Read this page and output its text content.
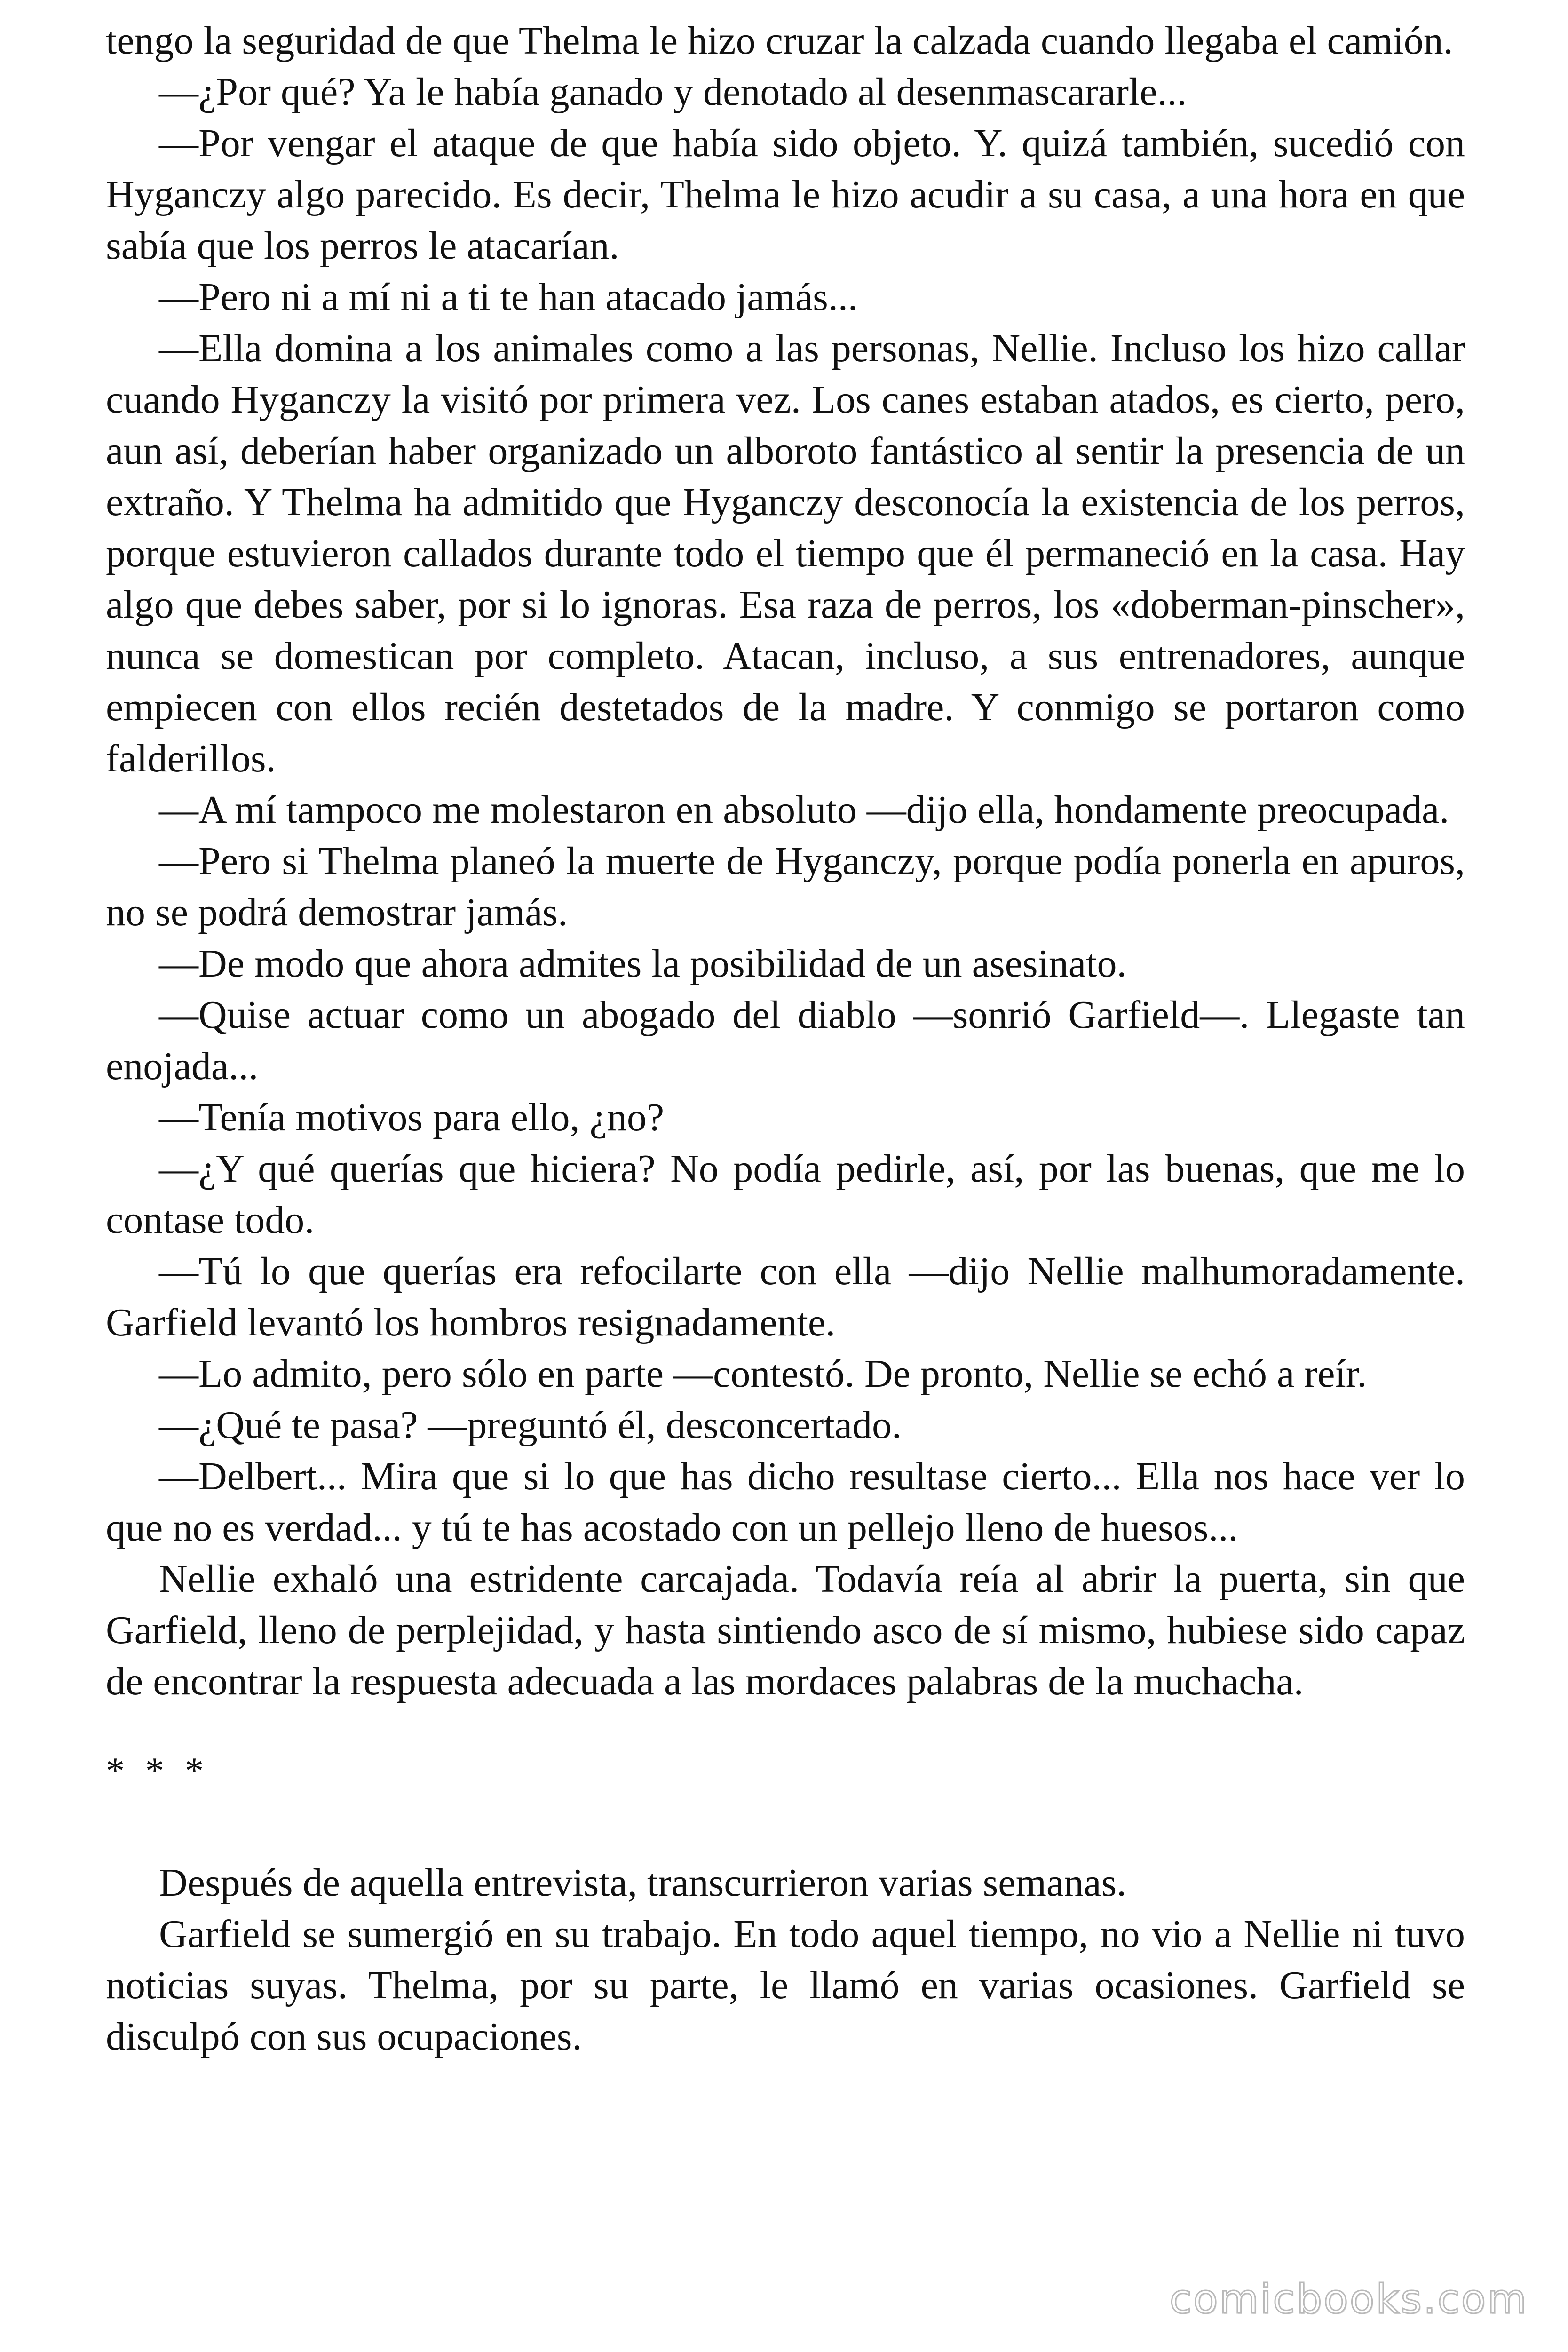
tengo la seguridad de que Thelma le hizo cruzar la calzada cuando llegaba el camión.

—¿Por qué? Ya le había ganado y denotado al desenmascararle...

—Por vengar el ataque de que había sido objeto. Y. quizá también, sucedió con Hyganczy algo parecido. Es decir, Thelma le hizo acudir a su casa, a una hora en que sabía que los perros le atacarían.

—Pero ni a mí ni a ti te han atacado jamás...

—Ella domina a los animales como a las personas, Nellie. Incluso los hizo callar cuando Hyganczy la visitó por primera vez. Los canes estaban atados, es cierto, pero, aun así, deberían haber organizado un alboroto fantástico al sentir la presencia de un extraño. Y Thelma ha admitido que Hyganczy desconocía la existencia de los perros, porque estuvieron callados durante todo el tiempo que él permaneció en la casa. Hay algo que debes saber, por si lo ignoras. Esa raza de perros, los «doberman-pinscher», nunca se domestican por completo. Atacan, incluso, a sus entrenadores, aunque empiecen con ellos recién destetados de la madre. Y conmigo se portaron como falderillos.

—A mí tampoco me molestaron en absoluto —dijo ella, hondamente preocupada.

—Pero si Thelma planeó la muerte de Hyganczy, porque podía ponerla en apuros, no se podrá demostrar jamás.

—De modo que ahora admites la posibilidad de un asesinato.

—Quise actuar como un abogado del diablo —sonrió Garfield—. Llegaste tan enojada...

—Tenía motivos para ello, ¿no?

—¿Y qué querías que hiciera? No podía pedirle, así, por las buenas, que me lo contase todo.

—Tú lo que querías era refocilarte con ella —dijo Nellie malhumoradamente. Garfield levantó los hombros resignadamente.

—Lo admito, pero sólo en parte —contestó. De pronto, Nellie se echó a reír.

—¿Qué te pasa? —preguntó él, desconcertado.

—Delbert... Mira que si lo que has dicho resultase cierto... Ella nos hace ver lo que no es verdad... y tú te has acostado con un pellejo lleno de huesos...

Nellie exhaló una estridente carcajada. Todavía reía al abrir la puerta, sin que Garfield, lleno de perplejidad, y hasta sintiendo asco de sí mismo, hubiese sido capaz de encontrar la respuesta adecuada a las mordaces palabras de la muchacha.

* * *

Después de aquella entrevista, transcurrieron varias semanas.

Garfield se sumergió en su trabajo. En todo aquel tiempo, no vio a Nellie ni tuvo noticias suyas. Thelma, por su parte, le llamó en varias ocasiones. Garfield se disculpó con sus ocupaciones.

comicbooks.com
